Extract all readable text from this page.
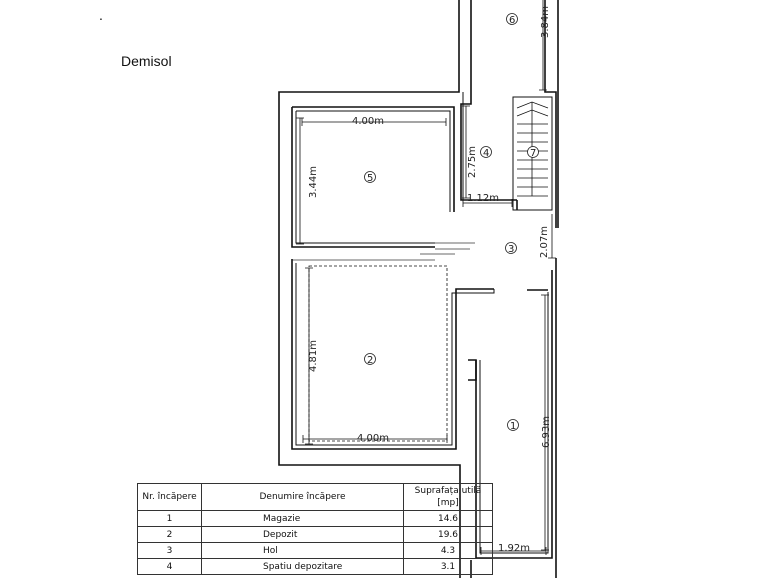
.
Demisol
4.00m
3.44m
2.75m
1.12m
3.84m
2.07m
4.81m
4.00m	6.93m
1.92m
6
4	7
5
3
2
1
Nr. încăpere	Denumire încăpere	Suprafața utilă [mp]
1	Magazie	14.6
2	Depozit	19.6
3	Hol	4.3
4	Spatiu depozitare	3.1
